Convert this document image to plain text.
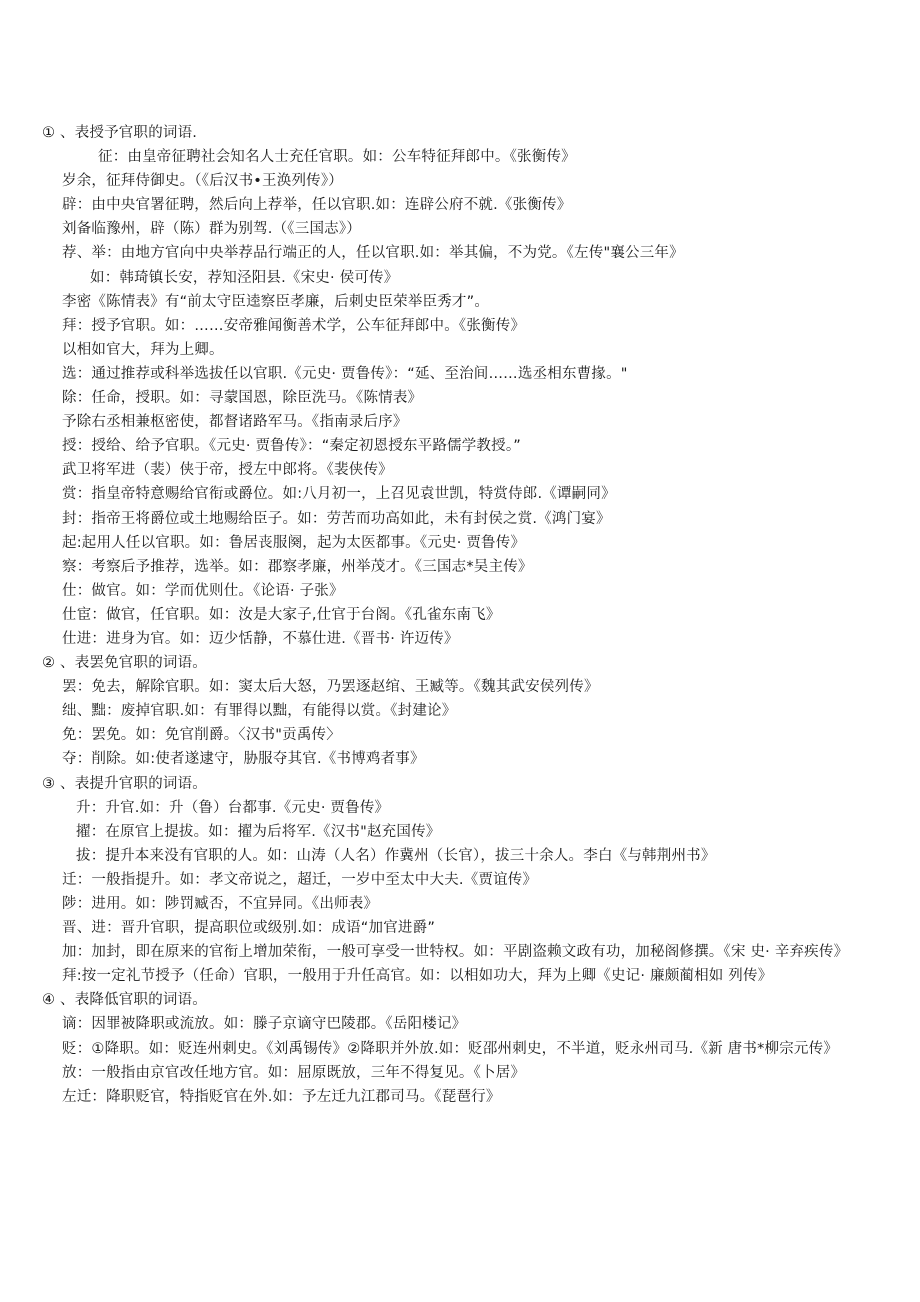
① 、表授予官职的词语.
征：由皇帝征聘社会知名人士充任官职。如：公车特征拜郎中。《张衡传》
岁余，征拜侍御史。（《后汉书•王涣列传》）
辟：由中央官署征聘，然后向上荐举，任以官职.如：连辟公府不就.《张衡传》
刘备临豫州，辟（陈）群为别驾.（《三国志》）
荐、举：由地方官向中央举荐品行端正的人，任以官职.如：举其偏，不为党。《左传"襄公三年》
如：韩琦镇长安，荐知泾阳县.《宋史· 侯可传》
李密《陈情表》有“前太守臣逵察臣孝廉，后刺史臣荣举臣秀才”。
拜：授予官职。如：……安帝雅闻衡善术学，公车征拜郎中。《张衡传》
以相如官大，拜为上卿。
选：通过推荐或科举选拔任以官职.《元史· 贾鲁传》：“延、至治间……选丞相东曹掾。"
除：任命，授职。如：寻蒙国恩，除臣洗马。《陈情表》
予除右丞相兼枢密使，都督诸路军马。《指南录后序》
授：授给、给予官职。《元史· 贾鲁传》：“秦定初恩授东平路儒学教授。”
武卫将军进（裴）侠于帝，授左中郎将。《裴侠传》
赏：指皇帝特意赐给官衔或爵位。如:八月初一，上召见袁世凯，特赏侍郎.《谭嗣同》
封：指帝王将爵位或土地赐给臣子。如：劳苦而功高如此，未有封侯之赏.《鸿门宴》
起:起用人任以官职。如：鲁居丧服阕，起为太医都事。《元史· 贾鲁传》
察：考察后予推荐，选举。如：郡察孝廉，州举茂才。《三国志*吴主传》
仕：做官。如：学而优则仕。《论语· 子张》
仕宦：做官，任官职。如：汝是大家子,仕官于台阁。《孔雀东南飞》
仕进：进身为官。如：迈少恬静，不慕仕进.《晋书· 许迈传》
② 、表罢免官职的词语。
罢：免去，解除官职。如：窦太后大怒，乃罢逐赵绾、王臧等。《魏其武安侯列传》
绌、黜：废掉官职.如：有罪得以黜，有能得以赏。《封建论》
免：罢免。如：免官削爵。〈汉书"贡禹传〉
夺：削除。如:使者遂逮守，胁服夺其官.《书博鸡者事》
③ 、表提升官职的词语。
升：升官.如：升（鲁）台都事.《元史· 贾鲁传》
擢：在原官上提拔。如：擢为后将军.《汉书"赵充国传》
拔：提升本来没有官职的人。如：山涛（人名）作冀州（长官），拔三十余人。李白《与韩荆州书》
迁：一般指提升。如：孝文帝说之，超迁，一岁中至太中大夫.《贾谊传》
陟：进用。如：陟罚臧否，不宜异同。《出师表》
晋、进：晋升官职，提高职位或级别.如：成语“加官进爵”
加：加封，即在原来的官衔上增加荣衔，一般可享受一世特权。如：平剧盗赖文政有功，加秘阁修撰。《宋 史· 辛弃疾传》
拜:按一定礼节授予（任命）官职，一般用于升任高官。如：以相如功大，拜为上卿《史记· 廉颇蔺相如 列传》
④ 、表降低官职的词语。
谪：因罪被降职或流放。如：滕子京谪守巴陵郡。《岳阳楼记》
贬：①降职。如：贬连州刺史。《刘禹锡传》②降职并外放.如：贬邵州刺史，不半道，贬永州司马.《新 唐书*柳宗元传》
放：一般指由京官改任地方官。如：屈原既放，三年不得复见。《卜居》
左迁：降职贬官，特指贬官在外.如：予左迁九江郡司马。《琵琶行》
